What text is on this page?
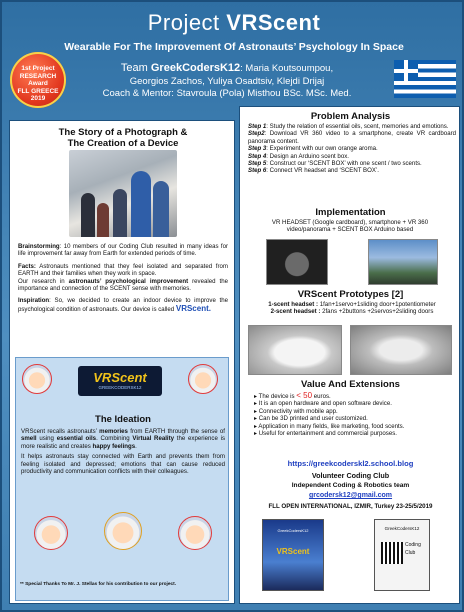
Project VRScent
Wearable For The Improvement Of Astronauts’ Psychology In Space
1st Project
RESEARCH
Award
FLL GREECE
2019
Team GreekCodersK12: Maria Koutsoumpou,
Georgios Zachos, Yuliya Osadtsiv, Klejdi Drijaj
Coach & Mentor: Stavroula (Pola) Misthou BSc. MSc. Med.
The Story of a Photograph &
The Creation of a Device

Brainstorming: 10 members of our Coding Club resulted in many ideas for life improvement far away from Earth for extended periods of time.

Facts: Astronauts mentioned that they feel isolated and separated from EARTH and their families when they work in space.

Our research in astronauts’ psychological improvement revealed the importance and connection of the SCENT sense with memories.

Inspiration: So, we decided to create an indoor device to improve the psychological condition of astronauts. Our device is called VRScent.

VRScent
GREEKCODERSK12
The Ideation

VRScent recalls astronauts’ memories from EARTH through the sense of smell using essential oils. Combining Virtual Reality the experience is more realistic and creates happy feelings.

It helps astronauts stay connected with Earth and prevents them from feeling isolated and depressed; emotions that can cause reduced productivity and communication conflicts with their colleagues.

** Special Thanks To Mr. J. Stellas for his contribution to our project.
Problem Analysis

Step 1: Study the relation of essential oils, scent, memories and emotions.

Step2: Download VR 360 video to a smartphone, create VR cardboard panorama content.

Step 3: Experiment with our own orange aroma.

Step 4: Design an Arduino scent box.

Step 5: Construct our ‘SCENT BOX’ with one scent / two scents.

Step 6: Connect VR headset and ‘SCENT BOX’.

Implementation
VR HEADSET (Google cardboard), smartphone + VR 360 video/panorama + SCENT BOX Arduino based
VRScent Prototypes [2]

1-scent headset : 1fan+1servo+1sliding door+1potentiometer

2-scent headset : 2fans +2buttons +2servos+2sliding doors

Value And Extensions
▸ The device is < 50 euros.
▸ It is an open hardware and open software device.
▸ Connectivity with mobile app.
▸ Can be 3D printed and user customized.
▸ Application in many fields, like marketing, food scents.
▸ Useful for entertainment and commercial purposes.
https://greekcoderskl2.school.blog
Volunteer Coding Club
Independent Coding & Robotics team
grcodersk12@gmail.com
FLL OPEN INTERNATIONAL, IZMIR, Turkey 23-25/5/2019
GreekCodersK12
VRScent
GreekCodersK12
Coding
Club
